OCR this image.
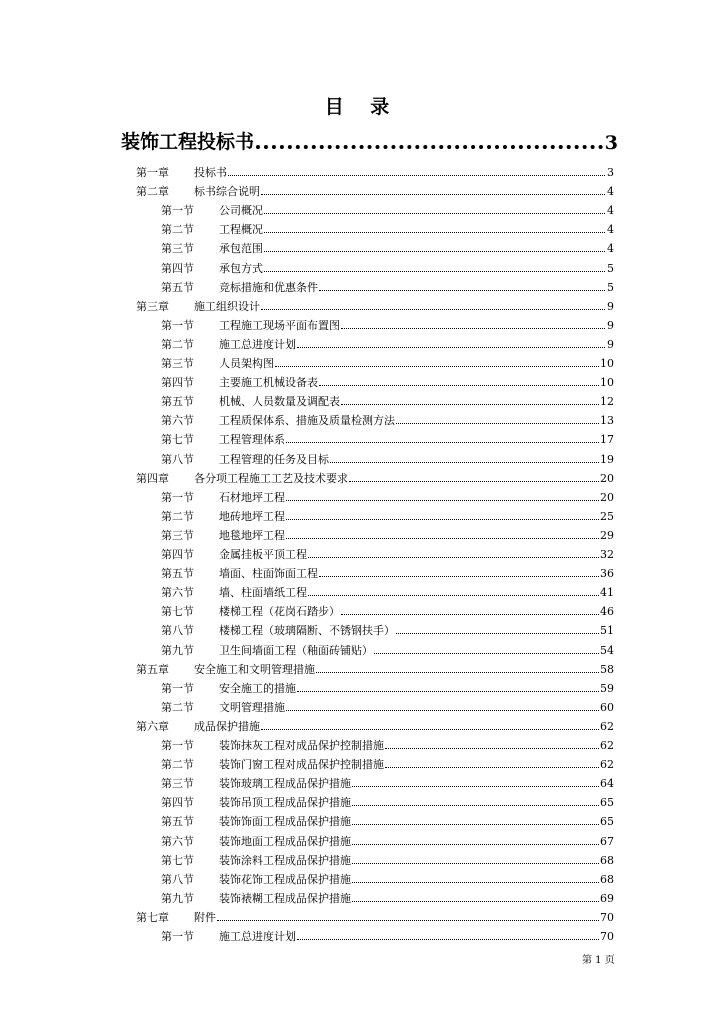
目 录
装饰工程投标书	3
第一章	投标书	3
第二章	标书综合说明	4
第一节	公司概况	4
第二节	工程概况	4
第三节	承包范围	4
第四节	承包方式	5
第五节	竞标措施和优惠条件	5
第三章	施工组织设计	9
第一节	工程施工现场平面布置图	9
第二节	施工总进度计划	9
第三节	人员架构图	10
第四节	主要施工机械设备表	10
第五节	机械、人员数量及调配表	12
第六节	工程质保体系、措施及质量检测方法	13
第七节	工程管理体系	17
第八节	工程管理的任务及目标	19
第四章	各分项工程施工工艺及技术要求	20
第一节	石材地坪工程	20
第二节	地砖地坪工程	25
第三节	地毯地坪工程	29
第四节	金属挂板平顶工程	32
第五节	墙面、柱面饰面工程	36
第六节	墙、柱面墙纸工程	41
第七节	楼梯工程（花岗石踏步）	46
第八节	楼梯工程（玻璃隔断、不锈钢扶手）	51
第九节	卫生间墙面工程（釉面砖铺贴）	54
第五章	安全施工和文明管理措施	58
第一节	安全施工的措施	59
第二节	文明管理措施	60
第六章	成品保护措施	62
第一节	装饰抹灰工程对成品保护控制措施	62
第二节	装饰门窗工程对成品保护控制措施	62
第三节	装饰玻璃工程成品保护措施	64
第四节	装饰吊顶工程成品保护措施	65
第五节	装饰饰面工程成品保护措施	65
第六节	装饰地面工程成品保护措施	67
第七节	装饰涂料工程成品保护措施	68
第八节	装饰花饰工程成品保护措施	68
第九节	装饰裱糊工程成品保护措施	69
第七章	附件	70
第一节	施工总进度计划	70
第 1 页
